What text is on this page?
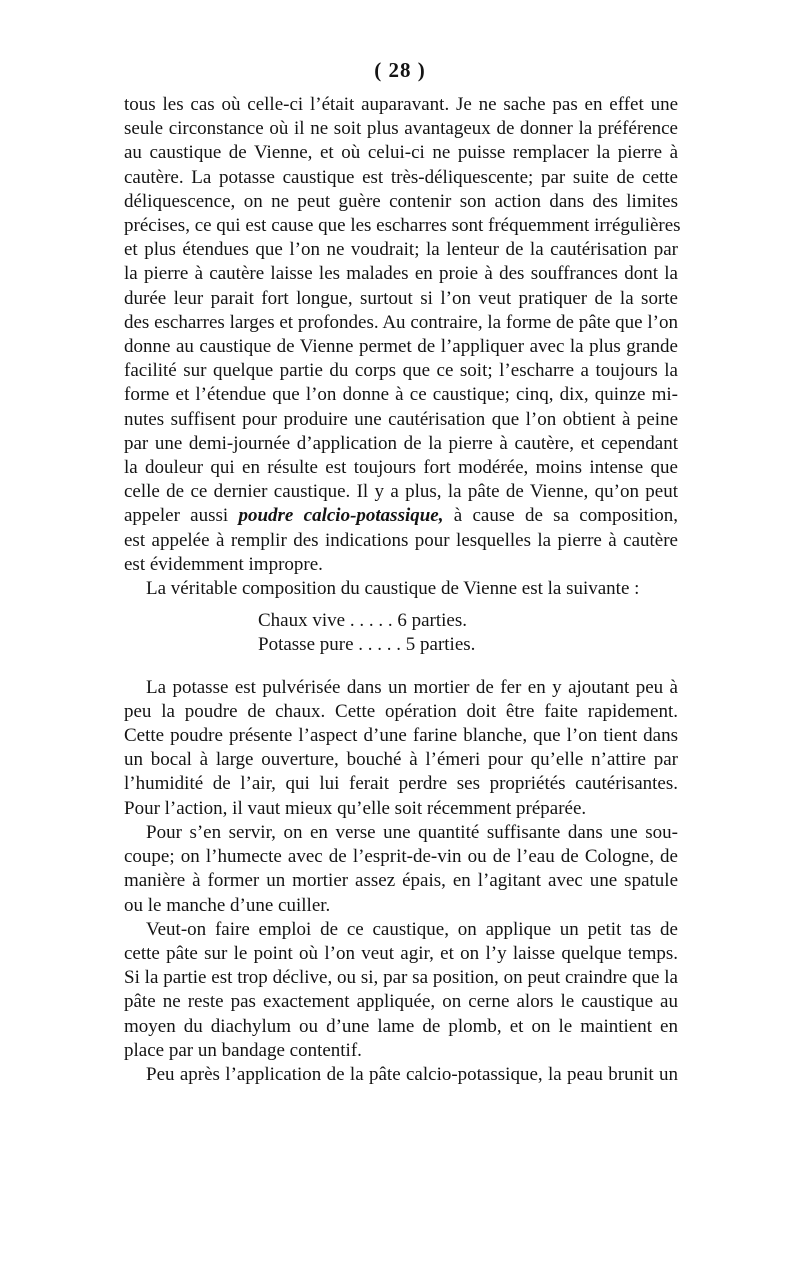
( 28 )
tous les cas où celle-ci l’était auparavant. Je ne sache pas en effet une
seule circonstance où il ne soit plus avantageux de donner la préférence
au caustique de Vienne, et où celui-ci ne puisse remplacer la pierre à
cautère. La potasse caustique est très-déliquescente; par suite de cette
déliquescence, on ne peut guère contenir son action dans des limites
précises, ce qui est cause que les escharres sont fréquemment irrégulières
et plus étendues que l’on ne voudrait; la lenteur de la cautérisation par
la pierre à cautère laisse les malades en proie à des souffrances dont la
durée leur parait fort longue, surtout si l’on veut pratiquer de la sorte
des escharres larges et profondes. Au contraire, la forme de pâte que l’on
donne au caustique de Vienne permet de l’appliquer avec la plus grande
facilité sur quelque partie du corps que ce soit; l’escharre a toujours la
forme et l’étendue que l’on donne à ce caustique; cinq, dix, quinze mi-
nutes suffisent pour produire une cautérisation que l’on obtient à peine
par une demi-journée d’application de la pierre à cautère, et cependant
la douleur qui en résulte est toujours fort modérée, moins intense que
celle de ce dernier caustique. Il y a plus, la pâte de Vienne, qu’on peut
appeler aussi poudre calcio-potassique, à cause de sa composition,
est appelée à remplir des indications pour lesquelles la pierre à cautère
est évidemment impropre.
La véritable composition du caustique de Vienne est la suivante :
Chaux vive . . . . . 6 parties.
Potasse pure . . . . . 5 parties.
La potasse est pulvérisée dans un mortier de fer en y ajoutant peu à
peu la poudre de chaux. Cette opération doit être faite rapidement.
Cette poudre présente l’aspect d’une farine blanche, que l’on tient dans
un bocal à large ouverture, bouché à l’émeri pour qu’elle n’attire par
l’humidité de l’air, qui lui ferait perdre ses propriétés cautérisantes.
Pour l’action, il vaut mieux qu’elle soit récemment préparée.
Pour s’en servir, on en verse une quantité suffisante dans une sou-
coupe; on l’humecte avec de l’esprit-de-vin ou de l’eau de Cologne, de
manière à former un mortier assez épais, en l’agitant avec une spatule
ou le manche d’une cuiller.
Veut-on faire emploi de ce caustique, on applique un petit tas de
cette pâte sur le point où l’on veut agir, et on l’y laisse quelque temps.
Si la partie est trop déclive, ou si, par sa position, on peut craindre que la
pâte ne reste pas exactement appliquée, on cerne alors le caustique au
moyen du diachylum ou d’une lame de plomb, et on le maintient en
place par un bandage contentif.
Peu après l’application de la pâte calcio-potassique, la peau brunit un
